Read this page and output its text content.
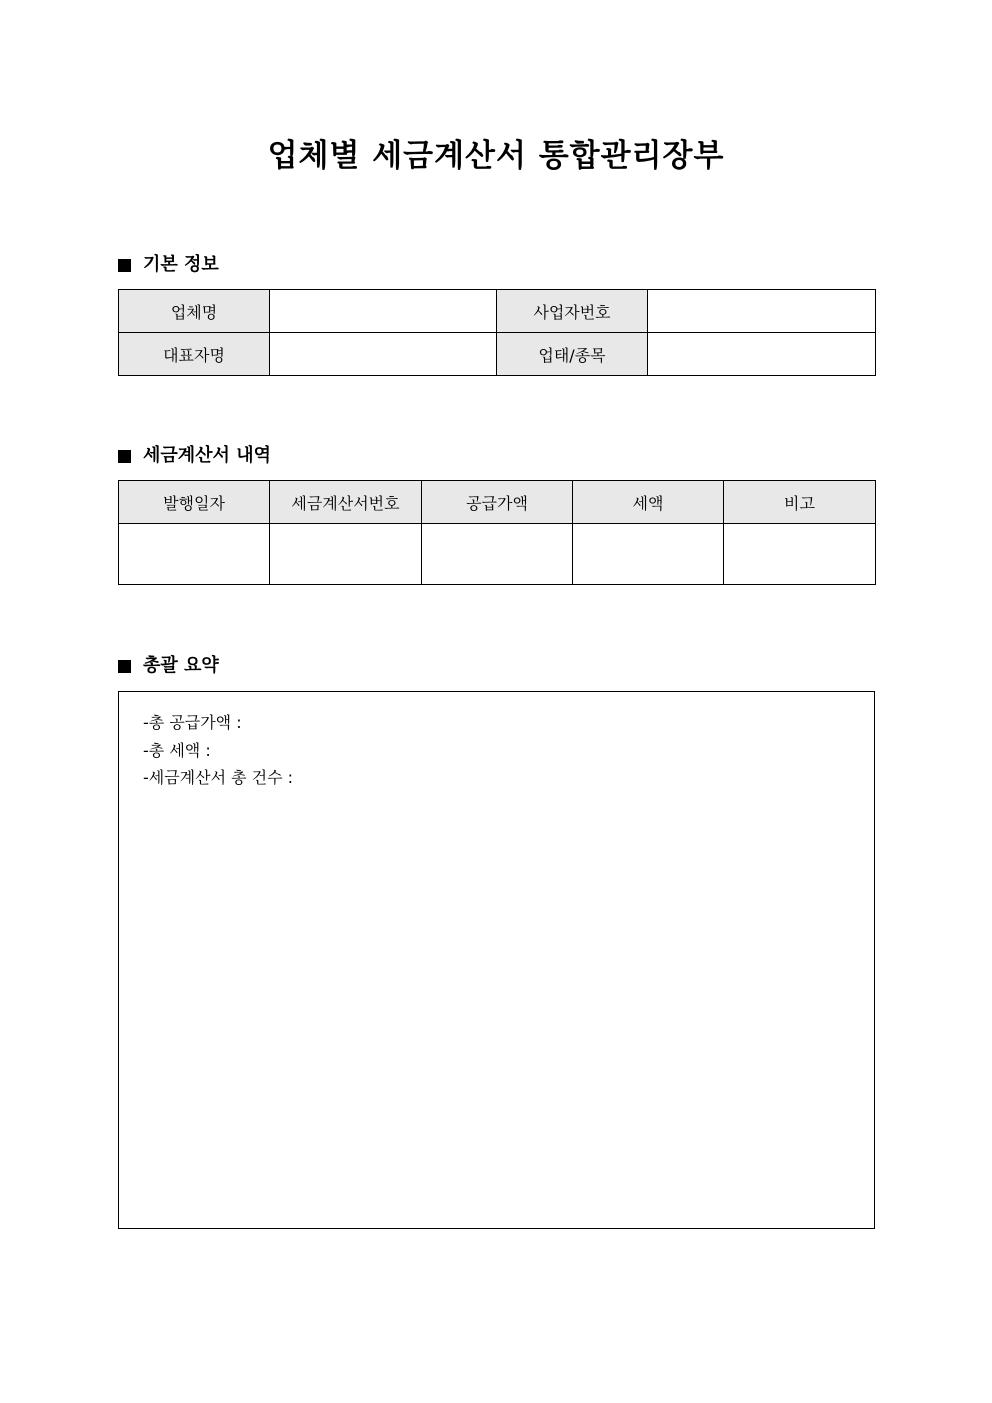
업체별 세금계산서 통합관리장부
기본 정보
업체명		사업자번호	
대표자명		업태/종목	
세금계산서 내역
발행일자	세금계산서번호	공급가액	세액	비고

총괄 요약
-총 공급가액 :
-총 세액 :
-세금계산서 총 건수 :
